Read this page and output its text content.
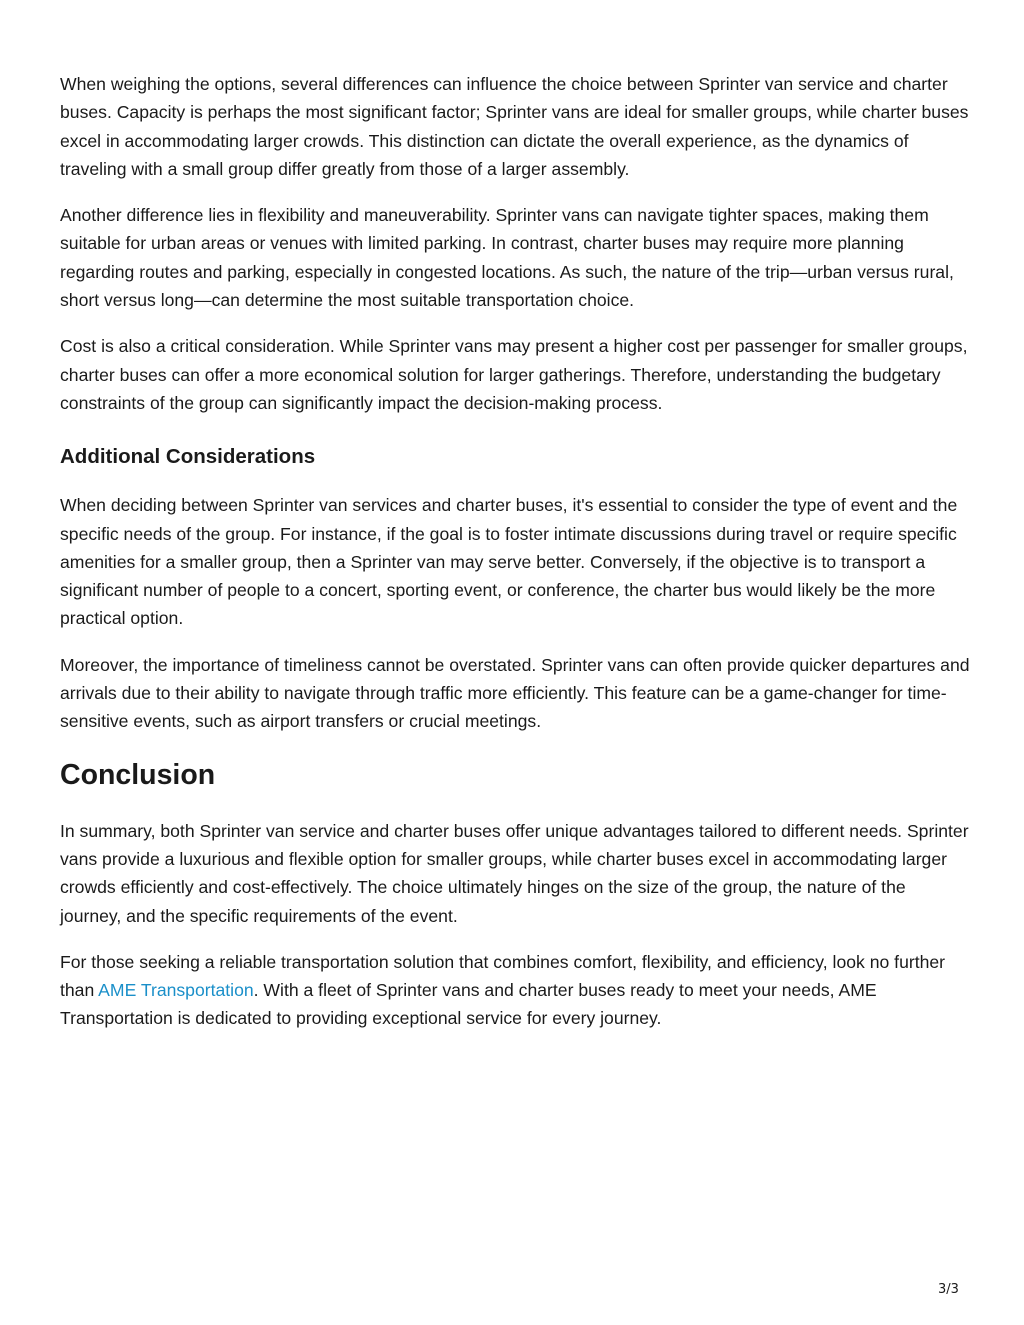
When weighing the options, several differences can influence the choice between Sprinter van service and charter buses. Capacity is perhaps the most significant factor; Sprinter vans are ideal for smaller groups, while charter buses excel in accommodating larger crowds. This distinction can dictate the overall experience, as the dynamics of traveling with a small group differ greatly from those of a larger assembly.

Another difference lies in flexibility and maneuverability. Sprinter vans can navigate tighter spaces, making them suitable for urban areas or venues with limited parking. In contrast, charter buses may require more planning regarding routes and parking, especially in congested locations. As such, the nature of the trip—urban versus rural, short versus long—can determine the most suitable transportation choice.

Cost is also a critical consideration. While Sprinter vans may present a higher cost per passenger for smaller groups, charter buses can offer a more economical solution for larger gatherings. Therefore, understanding the budgetary constraints of the group can significantly impact the decision-making process.

Additional Considerations

When deciding between Sprinter van services and charter buses, it's essential to consider the type of event and the specific needs of the group. For instance, if the goal is to foster intimate discussions during travel or require specific amenities for a smaller group, then a Sprinter van may serve better. Conversely, if the objective is to transport a significant number of people to a concert, sporting event, or conference, the charter bus would likely be the more practical option.

Moreover, the importance of timeliness cannot be overstated. Sprinter vans can often provide quicker departures and arrivals due to their ability to navigate through traffic more efficiently. This feature can be a game-changer for time-sensitive events, such as airport transfers or crucial meetings.

Conclusion

In summary, both Sprinter van service and charter buses offer unique advantages tailored to different needs. Sprinter vans provide a luxurious and flexible option for smaller groups, while charter buses excel in accommodating larger crowds efficiently and cost-effectively. The choice ultimately hinges on the size of the group, the nature of the journey, and the specific requirements of the event.

For those seeking a reliable transportation solution that combines comfort, flexibility, and efficiency, look no further than AME Transportation. With a fleet of Sprinter vans and charter buses ready to meet your needs, AME Transportation is dedicated to providing exceptional service for every journey.

3/3
